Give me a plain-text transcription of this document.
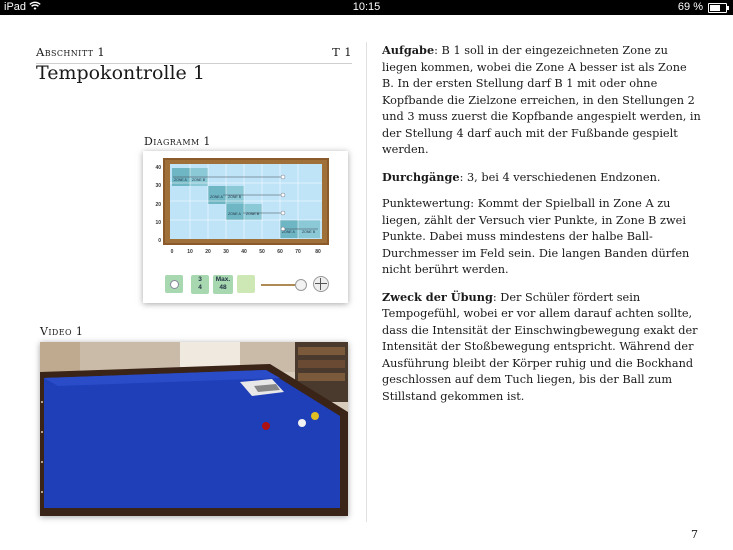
iPad	10:15	69 %
Abschnitt 1	T 1
Tempokontrolle 1
Diagramm 1
ZONE A ZONE B
ZONE A ZONE B
ZONE A ZONE B
ZONE A ZONE B
40
30
20
10
0
0	10 20 30 40 50 60 70	80
3
4
Max.
48
Video 1

Aufgabe: B 1 soll in der eingezeichneten Zone zu liegen kommen, wobei die Zone A besser ist als Zone B. In der ersten Stellung darf B 1 mit oder ohne Kopfbande die Zielzone erreichen, in den Stellungen 2 und 3 muss zuerst die Kopfbande angespielt werden, in der Stellung 4 darf auch mit der Fußbande gespielt werden.

Durchgänge: 3, bei 4 verschiedenen Endzonen.

Punktewertung: Kommt der Spielball in Zone A zu liegen, zählt der Versuch vier Punkte, in Zone B zwei Punkte. Dabei muss mindestens der halbe Ball-Durchmesser im Feld sein. Die langen Banden dürfen nicht berührt werden.

Zweck der Übung: Der Schüler fördert sein Tempogefühl, wobei er vor allem darauf achten sollte, dass die Intensität der Einschwingbewegung exakt der Intensität der Stoßbewegung entspricht. Während der Ausführung bleibt der Körper ruhig und die Bockhand geschlossen auf dem Tuch liegen, bis der Ball zum Stillstand gekommen ist.

7
